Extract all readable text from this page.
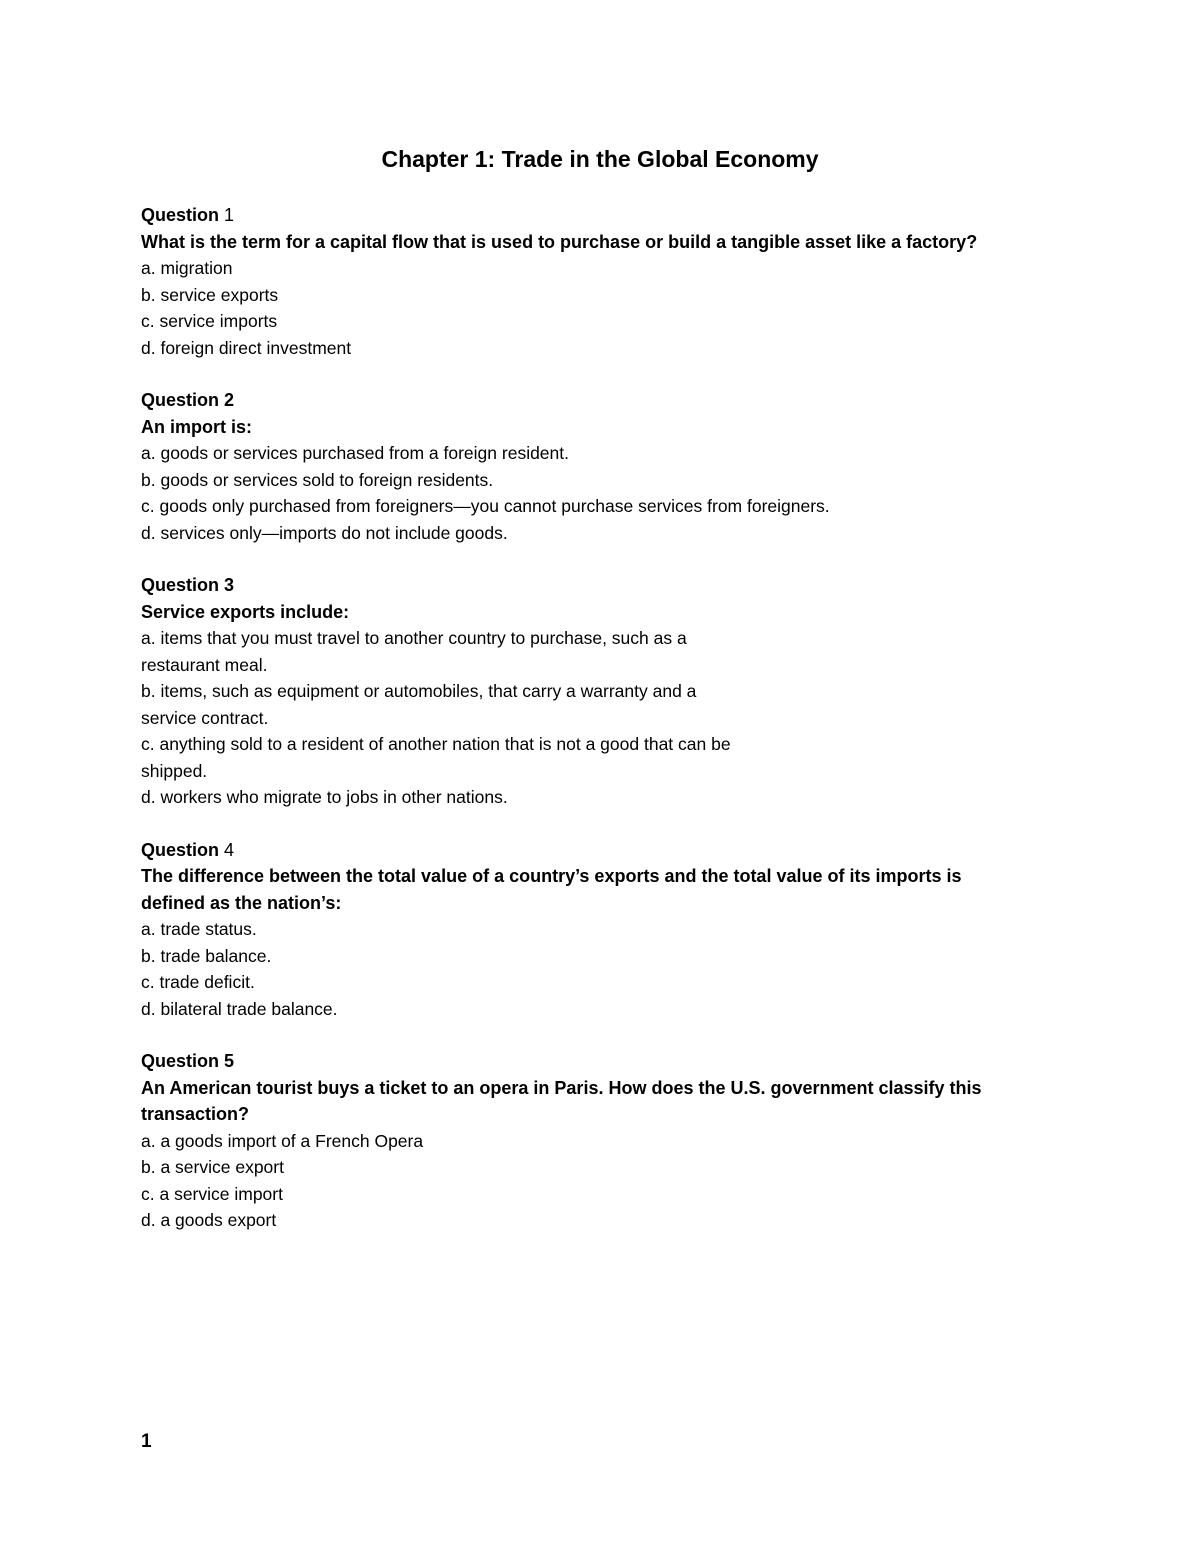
Chapter 1: Trade in the Global Economy
Question 1
What is the term for a capital flow that is used to purchase or build a tangible asset like a factory?
a. migration
b. service exports
c. service imports
d. foreign direct investment
Question 2
An import is:
a. goods or services purchased from a foreign resident.
b. goods or services sold to foreign residents.
c. goods only purchased from foreigners—you cannot purchase services from foreigners.
d. services only—imports do not include goods.
Question 3
Service exports include:
a. items that you must travel to another country to purchase, such as a
restaurant meal.
b. items, such as equipment or automobiles, that carry a warranty and a
service contract.
c. anything sold to a resident of another nation that is not a good that can be
shipped.
d. workers who migrate to jobs in other nations.
Question 4
The difference between the total value of a country’s exports and the total value of its imports is defined as the nation’s:
a. trade status.
b. trade balance.
c. trade deficit.
d. bilateral trade balance.
Question 5
An American tourist buys a ticket to an opera in Paris. How does the U.S. government classify this transaction?
a. a goods import of a French Opera
b. a service export
c. a service import
d. a goods export
1
